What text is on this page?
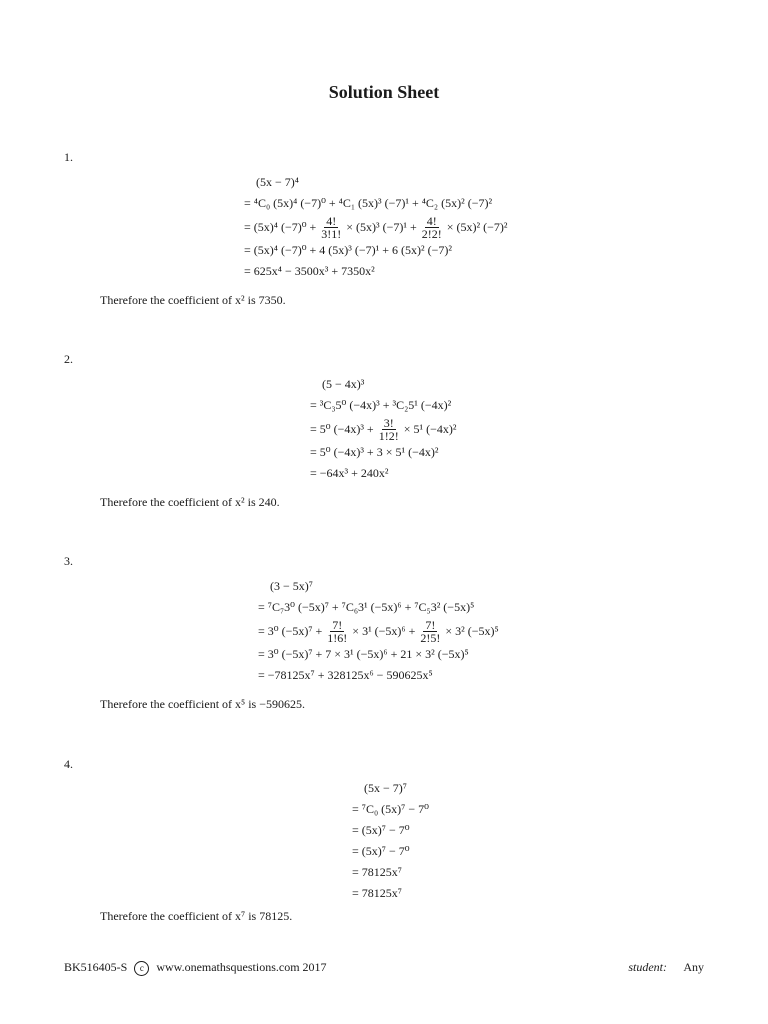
Solution Sheet
1.
(5x − 7)⁴
= ⁴C₀ (5x)⁴ (−7)⁰ + ⁴C₁ (5x)³ (−7)¹ + ⁴C₂ (5x)² (−7)²
= (5x)⁴ $(-7)^0 + \frac{4!}{3!1!} \times (5x)^3$ $(-7)^1 + \frac{4!}{2!2!} \times (5x)^2$ (−7)²
= (5x)⁴ (−7)⁰ + 4 (5x)³ (−7)¹ + 6 (5x)² (−7)²
= 625x⁴ − 3500x³ + 7350x²
Therefore the coefficient of x² is 7350.
2.
(5 − 4x)³
= ³C₃5⁰ (−4x)³ + ³C₂5¹ (−4x)²
= 5⁰ $(-4x)^3 + \frac{3!}{1!2!} \times 5^1$ (−4x)²
= 5⁰ (−4x)³ + 3 × 5¹ (−4x)²
= −64x³ + 240x²
Therefore the coefficient of x² is 240.
3.
(3 − 5x)⁷
= ⁷C₇3⁰ (−5x)⁷ + ⁷C₆3¹ (−5x)⁶ + ⁷C₅3² (−5x)⁵
= 3⁰ $(-5x)^7 + \frac{7!}{1!6!} \times 3^1$ $(-5x)^6 + \frac{7!}{2!5!} \times 3^2$ (−5x)⁵
= 3⁰ (−5x)⁷ + 7 × 3¹ (−5x)⁶ + 21 × 3² (−5x)⁵
= −78125x⁷ + 328125x⁶ − 590625x⁵
Therefore the coefficient of x⁵ is −590625.
4.
(5x − 7)⁷
= ⁷C₀ (5x)⁷ − 7⁰
= (5x)⁷ − 7⁰
= (5x)⁷ − 7⁰
= 78125x⁷
= 78125x⁷
Therefore the coefficient of x⁷ is 78125.
BK516405-S c www.onemathsquestions.com 2017	student: Any
